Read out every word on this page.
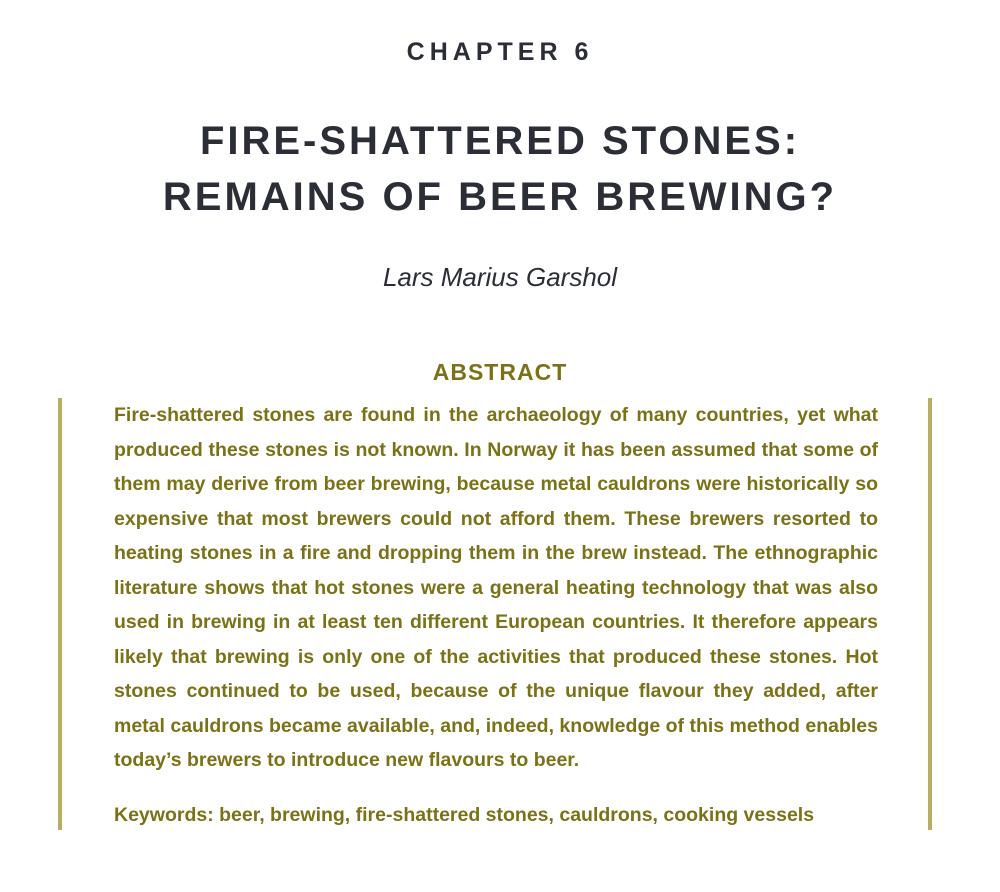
CHAPTER 6
FIRE-SHATTERED STONES:
REMAINS OF BEER BREWING?
Lars Marius Garshol
ABSTRACT

Fire-shattered stones are found in the archaeology of many countries, yet what produced these stones is not known. In Norway it has been assumed that some of them may derive from beer brewing, because metal cauldrons were historically so expensive that most brewers could not afford them. These brewers resorted to heating stones in a fire and dropping them in the brew instead. The ethnographic literature shows that hot stones were a general heating technology that was also used in brewing in at least ten different European countries. It therefore appears likely that brewing is only one of the activities that produced these stones. Hot stones continued to be used, because of the unique flavour they added, after metal cauldrons became available, and, indeed, knowledge of this method enables today’s brewers to introduce new flavours to beer.

Keywords: beer, brewing, fire-shattered stones, cauldrons, cooking vessels
